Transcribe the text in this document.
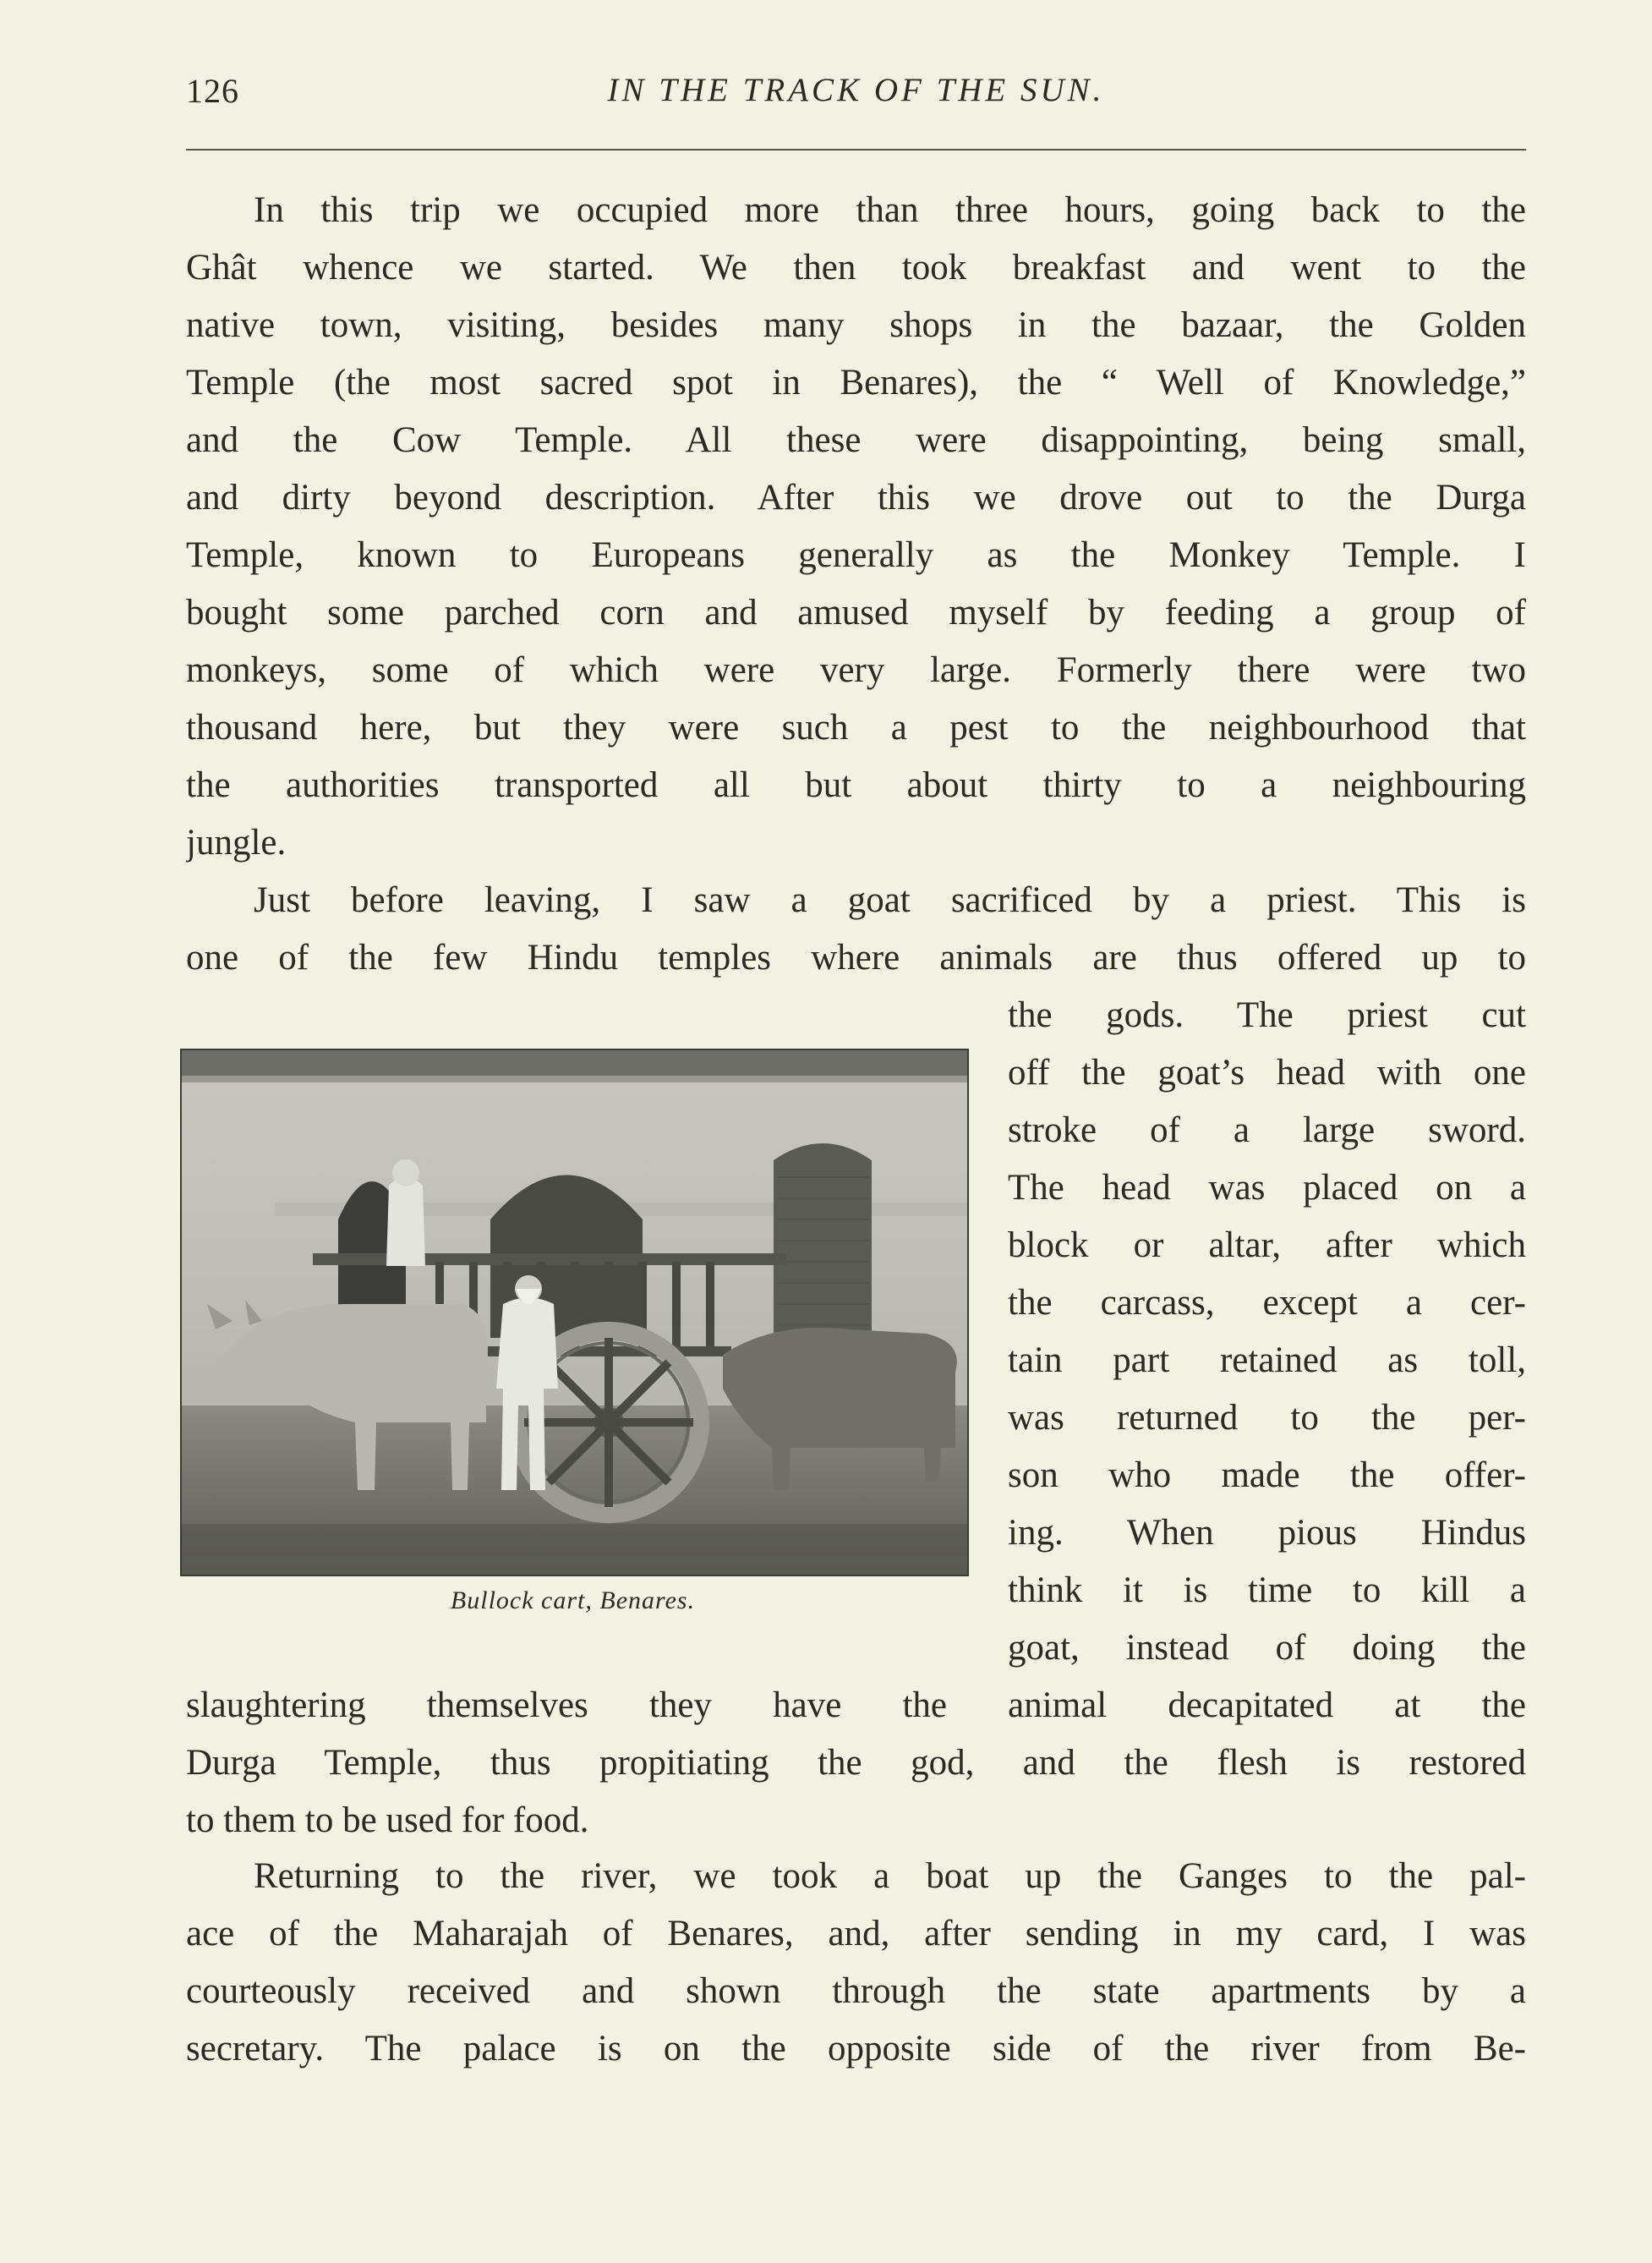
126	IN THE TRACK OF THE SUN.
In this trip we occupied more than three hours, going back to the
Ghât whence we started. We then took breakfast and went to the
native town, visiting, besides many shops in the bazaar, the Golden
Temple (the most sacred spot in Benares), the “ Well of Knowledge,”
and the Cow Temple. All these were disappointing, being small,
and dirty beyond description. After this we drove out to the Durga
Temple, known to Europeans generally as the Monkey Temple. I
bought some parched corn and amused myself by feeding a group of
monkeys, some of which were very large. Formerly there were two
thousand here, but they were such a pest to the neighbourhood that
the authorities transported all but about thirty to a neighbouring
jungle.
Just before leaving, I saw a goat sacrificed by a priest. This is
one of the few Hindu temples where animals are thus offered up to
the gods. The priest cut
off the goat’s head with one
stroke of a large sword.
The head was placed on a
block or altar, after which
the carcass, except a cer-
tain part retained as toll,
was returned to the per-
son who made the offer-
ing. When pious Hindus
think it is time to kill a
goat, instead of doing the
Bullock cart, Benares.
slaughtering themselves they have the animal decapitated at the
Durga Temple, thus propitiating the god, and the flesh is restored
to them to be used for food.
Returning to the river, we took a boat up the Ganges to the pal-
ace of the Maharajah of Benares, and, after sending in my card, I was
courteously received and shown through the state apartments by a
secretary. The palace is on the opposite side of the river from Be-
